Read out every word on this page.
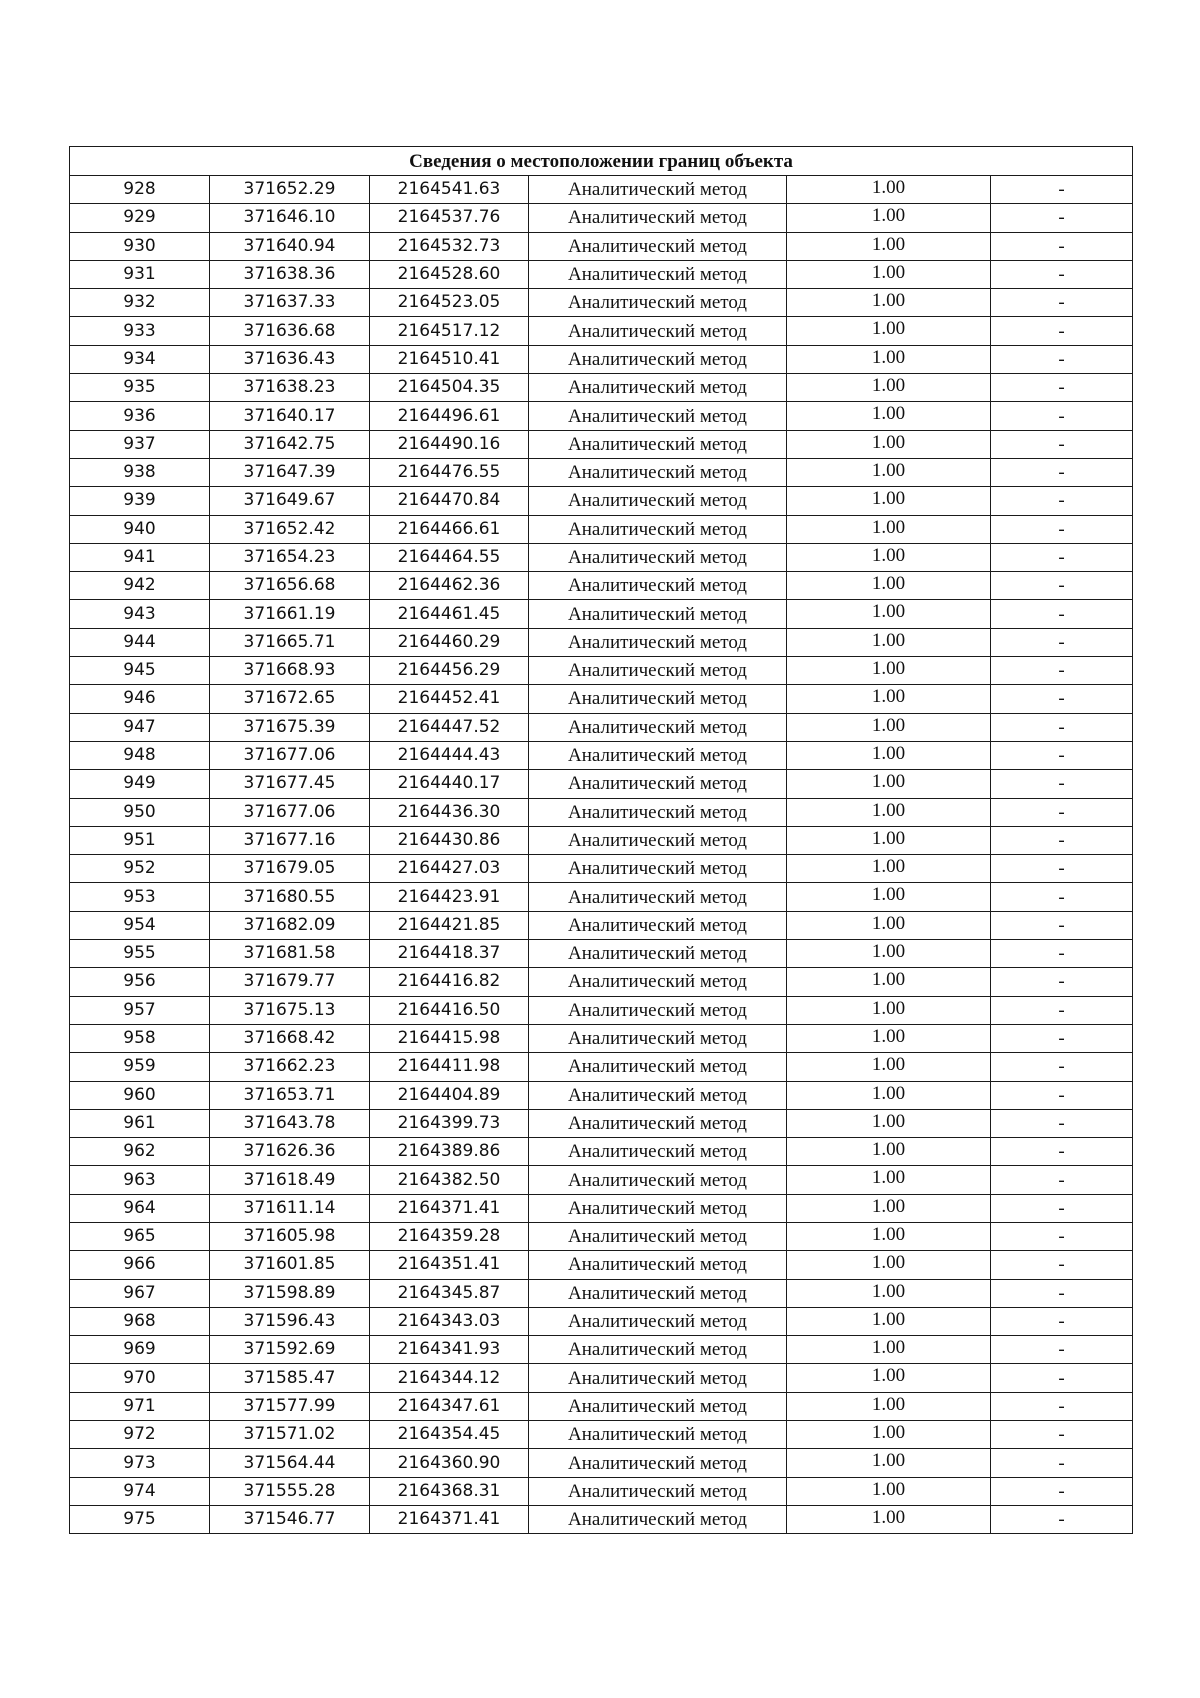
Сведения о местоположении границ объекта					
928	371652.29	2164541.63	Аналитический метод	1.00	-
929	371646.10	2164537.76	Аналитический метод	1.00	-
930	371640.94	2164532.73	Аналитический метод	1.00	-
931	371638.36	2164528.60	Аналитический метод	1.00	-
932	371637.33	2164523.05	Аналитический метод	1.00	-
933	371636.68	2164517.12	Аналитический метод	1.00	-
934	371636.43	2164510.41	Аналитический метод	1.00	-
935	371638.23	2164504.35	Аналитический метод	1.00	-
936	371640.17	2164496.61	Аналитический метод	1.00	-
937	371642.75	2164490.16	Аналитический метод	1.00	-
938	371647.39	2164476.55	Аналитический метод	1.00	-
939	371649.67	2164470.84	Аналитический метод	1.00	-
940	371652.42	2164466.61	Аналитический метод	1.00	-
941	371654.23	2164464.55	Аналитический метод	1.00	-
942	371656.68	2164462.36	Аналитический метод	1.00	-
943	371661.19	2164461.45	Аналитический метод	1.00	-
944	371665.71	2164460.29	Аналитический метод	1.00	-
945	371668.93	2164456.29	Аналитический метод	1.00	-
946	371672.65	2164452.41	Аналитический метод	1.00	-
947	371675.39	2164447.52	Аналитический метод	1.00	-
948	371677.06	2164444.43	Аналитический метод	1.00	-
949	371677.45	2164440.17	Аналитический метод	1.00	-
950	371677.06	2164436.30	Аналитический метод	1.00	-
951	371677.16	2164430.86	Аналитический метод	1.00	-
952	371679.05	2164427.03	Аналитический метод	1.00	-
953	371680.55	2164423.91	Аналитический метод	1.00	-
954	371682.09	2164421.85	Аналитический метод	1.00	-
955	371681.58	2164418.37	Аналитический метод	1.00	-
956	371679.77	2164416.82	Аналитический метод	1.00	-
957	371675.13	2164416.50	Аналитический метод	1.00	-
958	371668.42	2164415.98	Аналитический метод	1.00	-
959	371662.23	2164411.98	Аналитический метод	1.00	-
960	371653.71	2164404.89	Аналитический метод	1.00	-
961	371643.78	2164399.73	Аналитический метод	1.00	-
962	371626.36	2164389.86	Аналитический метод	1.00	-
963	371618.49	2164382.50	Аналитический метод	1.00	-
964	371611.14	2164371.41	Аналитический метод	1.00	-
965	371605.98	2164359.28	Аналитический метод	1.00	-
966	371601.85	2164351.41	Аналитический метод	1.00	-
967	371598.89	2164345.87	Аналитический метод	1.00	-
968	371596.43	2164343.03	Аналитический метод	1.00	-
969	371592.69	2164341.93	Аналитический метод	1.00	-
970	371585.47	2164344.12	Аналитический метод	1.00	-
971	371577.99	2164347.61	Аналитический метод	1.00	-
972	371571.02	2164354.45	Аналитический метод	1.00	-
973	371564.44	2164360.90	Аналитический метод	1.00	-
974	371555.28	2164368.31	Аналитический метод	1.00	-
975	371546.77	2164371.41	Аналитический метод	1.00	-
